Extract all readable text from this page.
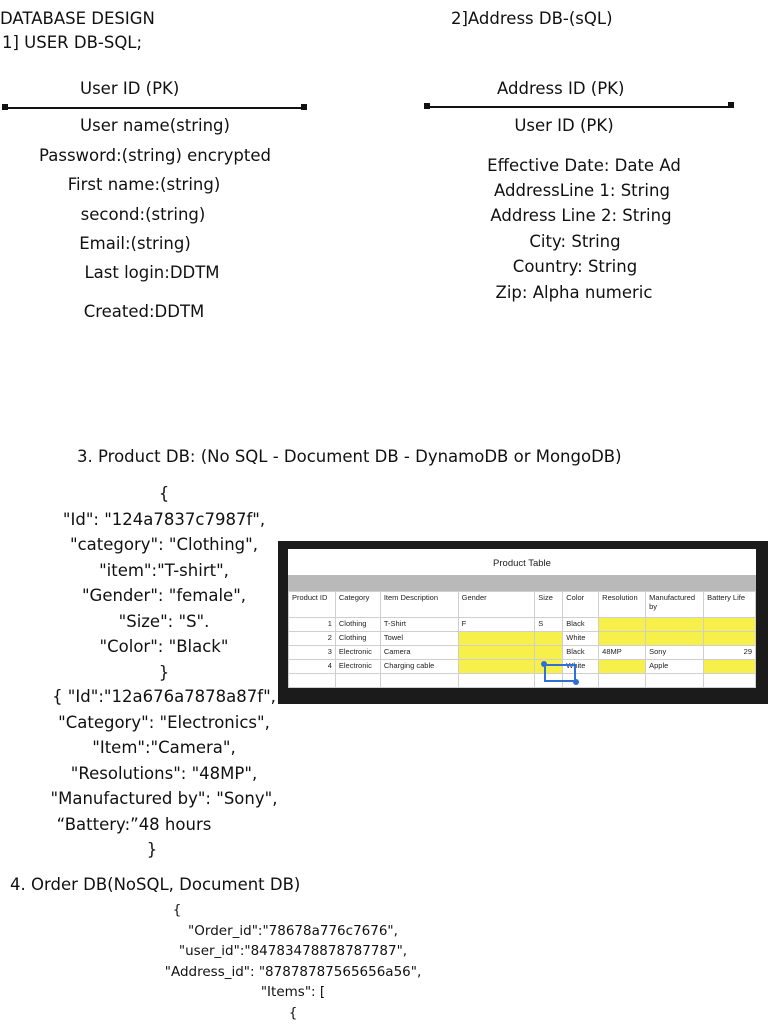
DATABASE DESIGN
1] USER DB-SQL;
User ID (PK)
User name(string)
Password:(string) encrypted
First name:(string)
second:(string)
Email:(string)
Last login:DDTM
Created:DDTM
2]Address DB-(sQL)
Address ID (PK)
User ID (PK)
Effective Date: Date Ad
AddressLine 1: String
Address Line 2: String
City: String
Country: String
Zip: Alpha numeric
3. Product DB: (No SQL - Document DB - DynamoDB or MongoDB)
{
"Id": "124a7837c7987f",
"category": "Clothing",
"item":"T-shirt",
"Gender": "female",
"Size": "S".
"Color": "Black"
}
{ "Id":"12a676a7878a87f",
"Category": "Electronics",
"Item":"Camera",
"Resolutions": "48MP",
"Manufactured by": "Sony",
“Battery:”48 hours
}
Product Table
Product ID	Category	Item Description	Gender	Size	Color	Resolution	Manufactured by	Battery Life
1	Clothing	T-Shirt	F	S	Black			
2	Clothing	Towel			White			
3	Electronic	Camera			Black	48MP	Sony	29
4	Electronic	Charging cable			White		Apple	

4. Order DB(NoSQL, Document DB)
{
"Order_id":"78678a776c7676",
"user_id":"84783478878787787",
"Address_id": "87878787565656a56",
"Items": [
{
